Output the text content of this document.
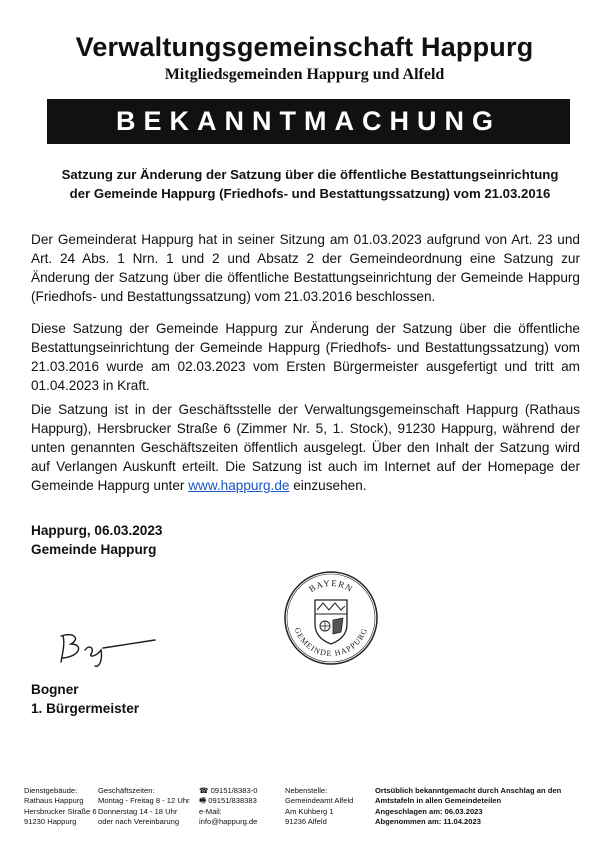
Verwaltungsgemeinschaft Happurg
Mitgliedsgemeinden Happurg und Alfeld
BEKANNTMACHUNG
Satzung zur Änderung der Satzung über die öffentliche Bestattungseinrichtung
der Gemeinde Happurg (Friedhofs- und Bestattungssatzung) vom 21.03.2016
Der Gemeinderat Happurg hat in seiner Sitzung am 01.03.2023 aufgrund von Art. 23 und Art. 24 Abs. 1 Nrn. 1 und 2 und Absatz 2 der Gemeindeordnung eine Satzung zur Änderung der Satzung über die öffentliche Bestattungseinrichtung der Gemeinde Happurg (Friedhofs- und Bestattungssatzung) vom 21.03.2016 beschlossen.
Diese Satzung der Gemeinde Happurg zur Änderung der Satzung über die öffentliche Bestattungseinrichtung der Gemeinde Happurg (Friedhofs- und Bestattungssatzung) vom 21.03.2016 wurde am 02.03.2023 vom Ersten Bürgermeister ausgefertigt und tritt am 01.04.2023 in Kraft.
Die Satzung ist in der Geschäftsstelle der Verwaltungsgemeinschaft Happurg (Rathaus Happurg), Hersbrucker Straße 6 (Zimmer Nr. 5, 1. Stock), 91230 Happurg, während der unten genannten Geschäftszeiten öffentlich ausgelegt. Über den Inhalt der Satzung wird auf Verlangen Auskunft erteilt. Die Satzung ist auch im Internet auf der Homepage der Gemeinde Happurg unter www.happurg.de einzusehen.
Happurg, 06.03.2023
Gemeinde Happurg
BAYERN
GEMEINDE HAPPURG
Bogner
1. Bürgermeister
Dienstgebäude:
Rathaus Happurg
Hersbrucker Straße 6
91230 Happurg
Geschäftszeiten:
Montag - Freitag 8 - 12 Uhr
Donnerstag 14 - 18 Uhr
oder nach Vereinbarung
☎ 09151/8383-0
🖷 09151/838383
e-Mail:
info@happurg.de
Nebenstelle:
Gemeindeamt Alfeld
Am Kühberg 1
91236 Alfeld
Ortsüblich bekanntgemacht durch Anschlag an den
Amtstafeln in allen Gemeindeteilen
Angeschlagen am: 06.03.2023
Abgenommen am: 11.04.2023
